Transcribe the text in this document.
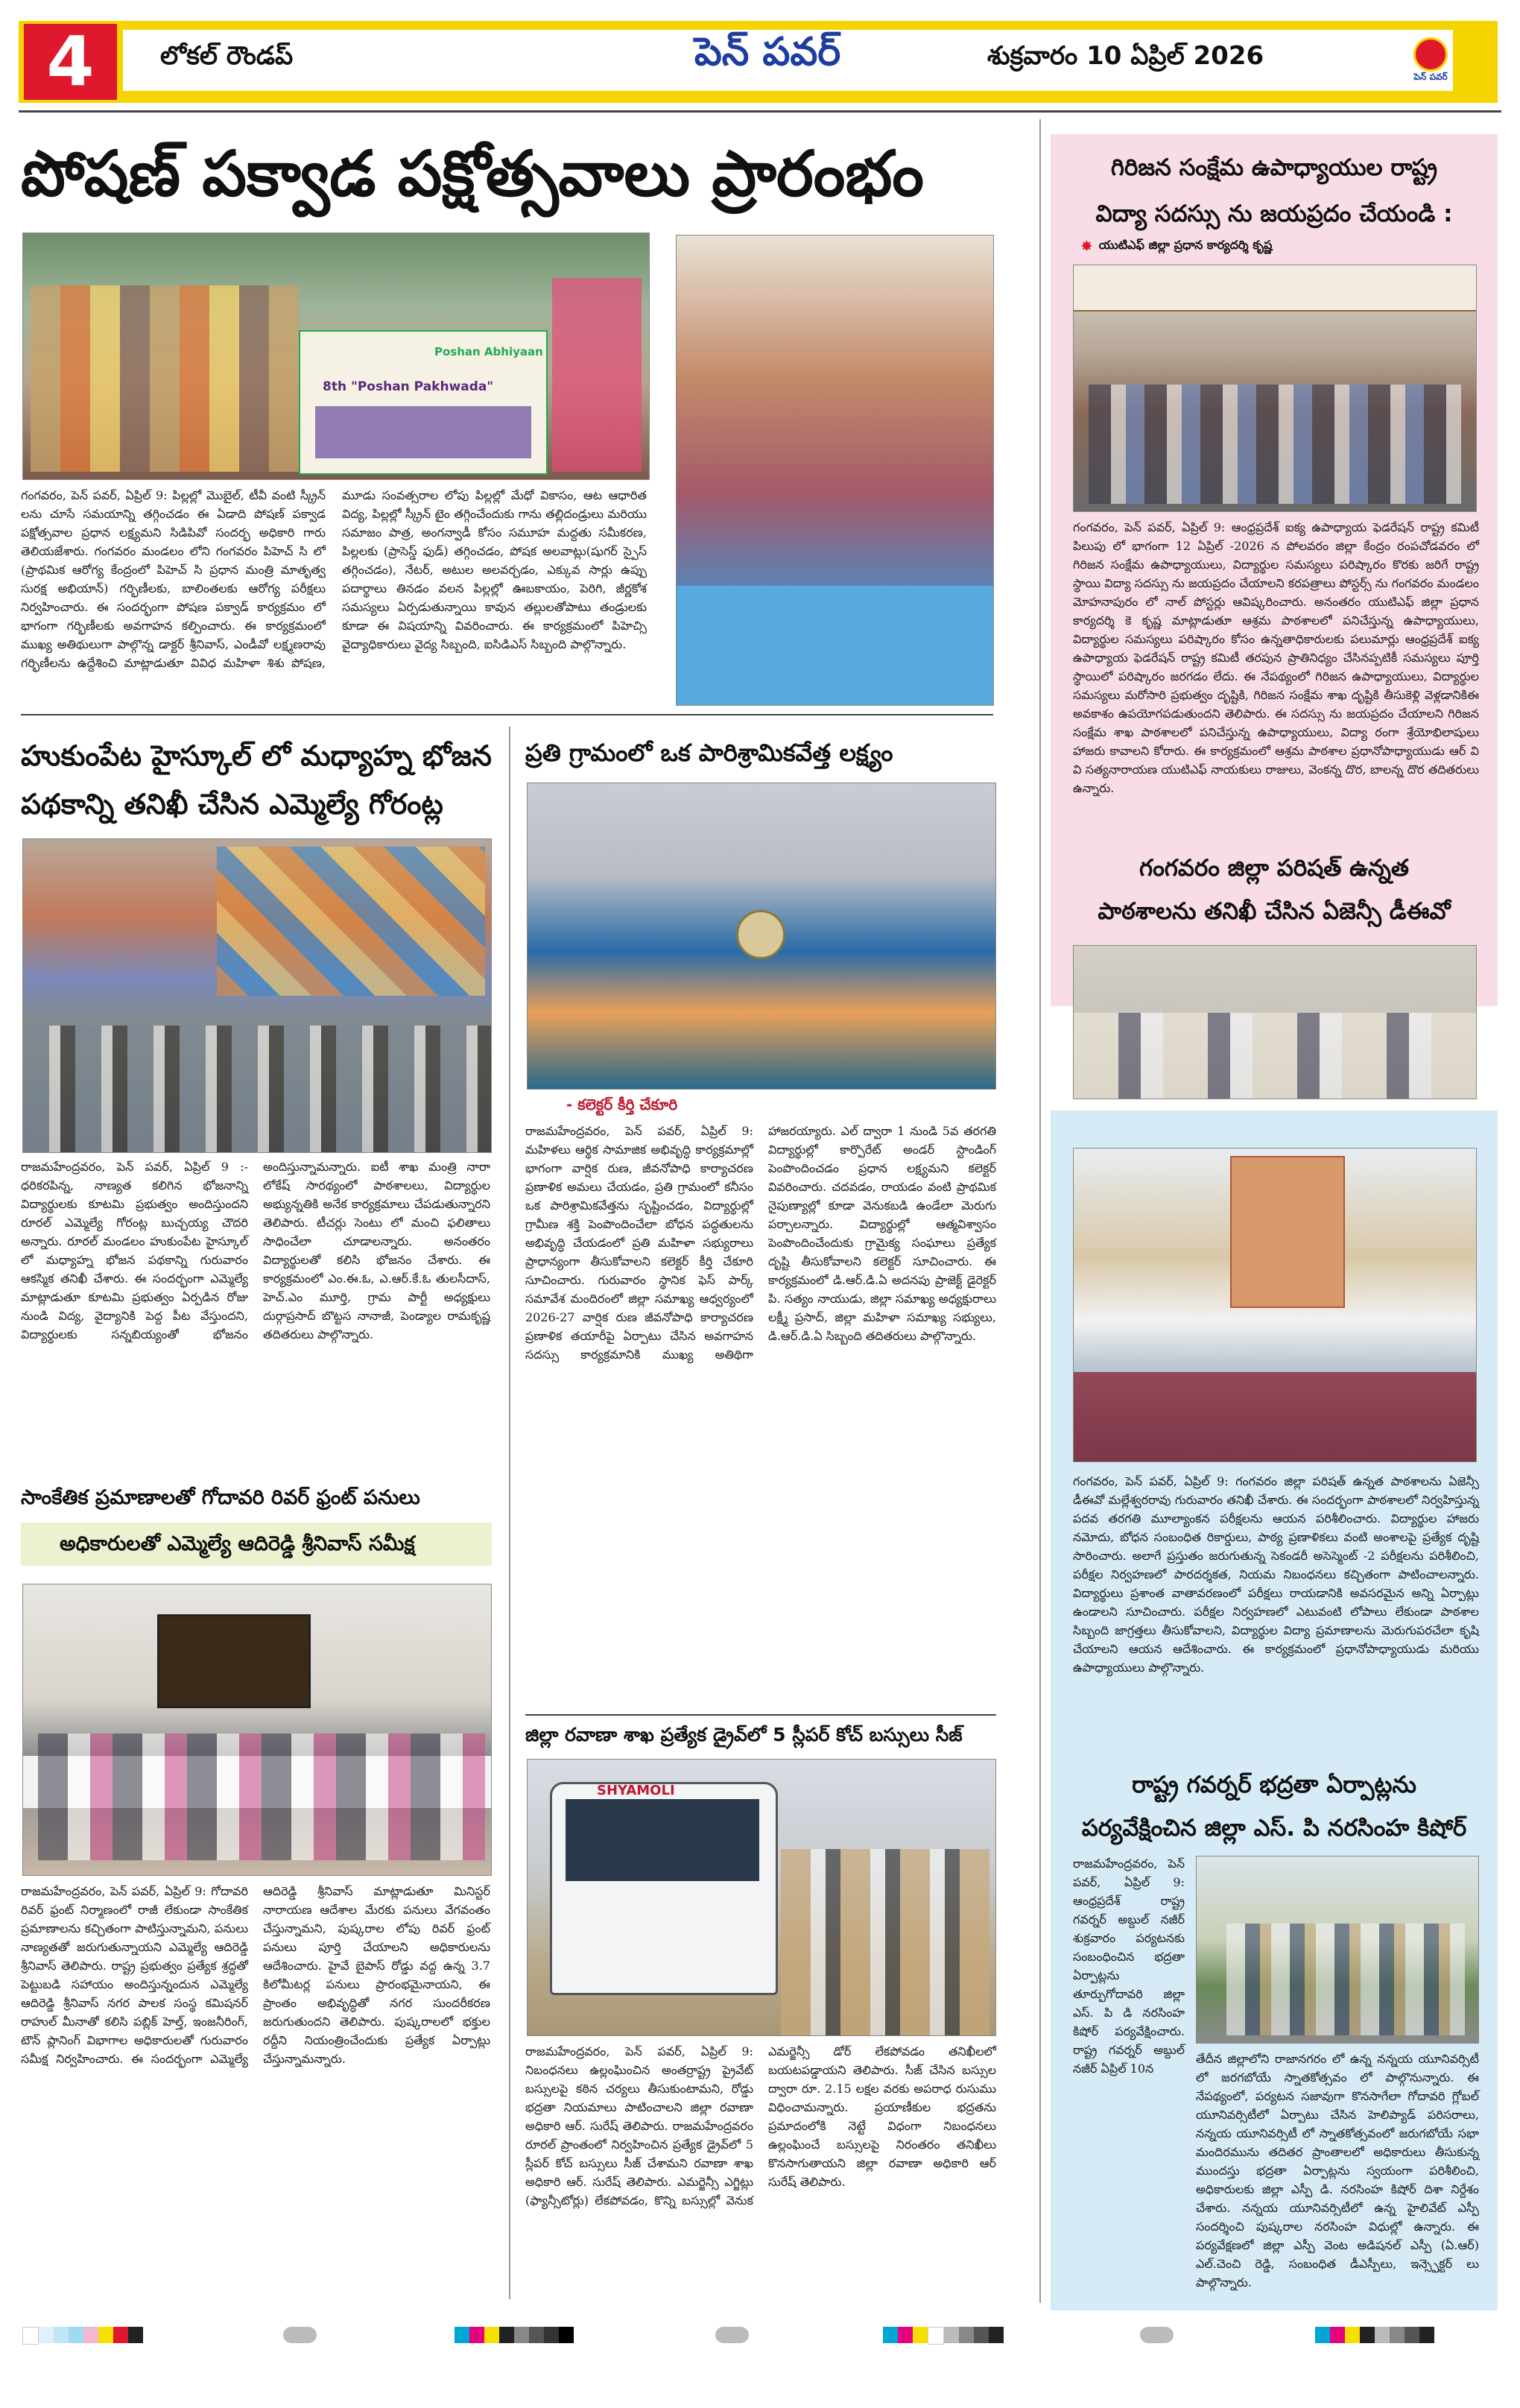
4	లోకల్ రౌండప్	పెన్ పవర్	శుక్రవారం 10 ఏప్రిల్ 2026
పెన్ పవర్
పోషణ్ పక్వాడ పక్షోత్సవాలు ప్రారంభం
Poshan Abhiyaan
8th "Poshan Pakhwada"
గంగవరం, పెన్ పవర్, ఏప్రిల్ 9: పిల్లల్లో మొబైల్, టీవీ వంటి స్క్రీన్ లను చూసే సమయాన్ని తగ్గించడం ఈ ఏడాది పోషణ్ పక్వాడ పక్షోత్సవాల ప్రధాన లక్ష్యమని సిడిపివో సందర్భ అధికారి గారు తెలియజేశారు. గంగవరం మండలం లోని గంగవరం పిహెచ్ సి లో (ప్రాథమిక ఆరోగ్య కేంద్రంలో పిహెచ్ సి ప్రధాన మంత్రి మాతృత్వ సురక్ష అభియాన్) గర్భిణీలకు, బాలింతలకు ఆరోగ్య పరీక్షలు నిర్వహించారు. ఈ సందర్భంగా పోషణ పక్వాడ్ కార్యక్రమం లో భాగంగా గర్భిణీలకు అవగాహన కల్పించారు. ఈ కార్యక్రమంలో ముఖ్య అతిథులుగా పాల్గొన్న డాక్టర్ శ్రీనివాస్, ఎండీవో లక్ష్మణరావు గర్భిణీలను ఉద్దేశించి మాట్లాడుతూ వివిధ మహిళా శిశు పోషణ, మూడు సంవత్సరాల లోపు పిల్లల్లో మేధో వికాసం, ఆట ఆధారిత విద్య, పిల్లల్లో స్క్రీన్ టైం తగ్గించేందుకు గాను తల్లిదండ్రులు మరియు సమాజం పాత్ర, అంగన్వాడీ కోసం సమూహ మద్దతు సమీకరణ, పిల్లలకు (ప్రాసెస్డ్ ఫుడ్) తగ్గించడం, పోషక అలవాట్లు(షుగర్ స్పైస్ తగ్గించడం), నేటర్, అటుల అలవర్చడం, ఎక్కువ సార్లు ఉప్పు పదార్థాలు తినడం వలన పిల్లల్లో ఊబకాయం, పెరిగి, జీర్ణకోశ సమస్యలు ఏర్పడుతున్నాయి కావున తల్లులతోపాటు తండ్రులకు కూడా ఈ విషయాన్ని వివరించారు. ఈ కార్యక్రమంలో పిహెచ్సి వైద్యాధికారులు వైద్య సిబ్బంది, ఐసిడిఎస్ సిబ్బంది పాల్గొన్నారు.
హుకుంపేట హైస్కూల్ లో మధ్యాహ్న భోజన
పథకాన్ని తనిఖీ చేసిన ఎమ్మెల్యే గోరంట్ల
రాజమహేంద్రవరం, పెన్ పవర్, ఏప్రిల్ 9 :-ధరికరపిన్న, నాణ్యత కలిగిన భోజనాన్ని విద్యార్థులకు కూటమి ప్రభుత్వం అందిస్తుందని రూరల్ ఎమ్మెల్యే గోరంట్ల బుచ్చయ్య చౌదరి అన్నారు. రూరల్ మండలం హుకుంపేట హైస్కూల్ లో మధ్యాహ్న భోజన పథకాన్ని గురువారం ఆకస్మిక తనిఖీ చేశారు. ఈ సందర్భంగా ఎమ్మెల్యే మాట్లాడుతూ కూటమి ప్రభుత్వం ఏర్పడిన రోజు నుండి విద్య, వైద్యానికి పెద్ద పీట వేస్తుందని, విద్యార్థులకు సన్నబియ్యంతో భోజనం అందిస్తున్నామన్నారు. ఐటీ శాఖ మంత్రి నారా లోకేష్ సారథ్యంలో పాఠశాలలు, విద్యార్థుల అభ్యున్నతికి అనేక కార్యక్రమాలు చేపడుతున్నారని తెలిపారు. టీచర్లు సెంటు లో మంచి ఫలితాలు సాధించేలా చూడాలన్నారు. అనంతరం విద్యార్థులతో కలిసి భోజనం చేశారు. ఈ కార్యక్రమంలో ఎం.ఈ.ఓ, ఎ.ఆర్.కే.ఓ తులసీదాస్, హెచ్.ఎం మూర్తి, గ్రామ పార్టీ అధ్యక్షులు దుర్గాప్రసాద్ బొట్టస నానాజీ, పెండ్యాల రామకృష్ణ తదితరులు పాల్గొన్నారు.
సాంకేతిక ప్రమాణాలతో గోదావరి రివర్ ఫ్రంట్ పనులు
అధికారులతో ఎమ్మెల్యే ఆదిరెడ్డి శ్రీనివాస్ సమీక్ష
రాజమహేంద్రవరం, పెన్ పవర్, ఏప్రిల్ 9: గోదావరి రివర్ ఫ్రంట్ నిర్మాణంలో రాజీ లేకుండా సాంకేతిక ప్రమాణాలను కచ్చితంగా పాటిస్తున్నామని, పనులు నాణ్యతతో జరుగుతున్నాయని ఎమ్మెల్యే ఆదిరెడ్డి శ్రీనివాస్ తెలిపారు. రాష్ట్ర ప్రభుత్వం ప్రత్యేక శ్రద్ధతో పెట్టుబడి సహాయం అందిస్తున్నందున ఎమ్మెల్యే ఆదిరెడ్డి శ్రీనివాస్ నగర పాలక సంస్థ కమిషనర్ రాహుల్ మీనాతో కలిసి పబ్లిక్ హెల్త్, ఇంజనీరింగ్, టౌన్ ప్లానింగ్ విభాగాల అధికారులతో గురువారం సమీక్ష నిర్వహించారు. ఈ సందర్భంగా ఎమ్మెల్యే ఆదిరెడ్డి శ్రీనివాస్ మాట్లాడుతూ మినిస్టర్ నారాయణ ఆదేశాల మేరకు పనులు వేగవంతం చేస్తున్నామని, పుష్కరాల లోపు రివర్ ఫ్రంట్ పనులు పూర్తి చేయాలని అధికారులను ఆదేశించారు. హైవే బైపాస్ రోడ్డు వద్ద ఉన్న 3.7 కిలోమీటర్ల పనులు ప్రారంభమైనాయని, ఈ ప్రాంతం అభివృద్ధితో నగర సుందరీకరణ జరుగుతుందని తెలిపారు. పుష్కరాలలో భక్తుల రద్దీని నియంత్రించేందుకు ప్రత్యేక ఏర్పాట్లు చేస్తున్నామన్నారు.
ప్రతి గ్రామంలో ఒక పారిశ్రామికవేత్త లక్ష్యం
- కలెక్టర్ కీర్తి చేకూరి
రాజమహేంద్రవరం, పెన్ పవర్, ఏప్రిల్ 9: మహిళలు ఆర్థిక సామాజిక అభివృద్ధి కార్యక్రమాల్లో భాగంగా వార్షిక రుణ, జీవనోపాధి కార్యాచరణ ప్రణాళిక అమలు చేయడం, ప్రతి గ్రామంలో కనీసం ఒక పారిశ్రామికవేత్తను సృష్టించడం, విద్యార్థుల్లో గ్రామీణ శక్తి పెంపొందించేలా బోధన పద్ధతులను అభివృద్ధి చేయడంలో ప్రతి మహిళా సభ్యురాలు ప్రాధాన్యంగా తీసుకోవాలని కలెక్టర్ కీర్తి చేకూరి సూచించారు. గురువారం స్థానిక ఫెస్ పార్క్ సమావేశ మందిరంలో జిల్లా సమాఖ్య ఆధ్వర్యంలో 2026-27 వార్షిక రుణ జీవనోపాధి కార్యాచరణ ప్రణాళిక తయారీపై ఏర్పాటు చేసిన అవగాహన సదస్సు కార్యక్రమానికి ముఖ్య అతిథిగా హాజరయ్యారు. ఎల్ ద్వారా 1 నుండి 5వ తరగతి విద్యార్థుల్లో కార్పొరేట్ అండర్ స్టాండింగ్ పెంపొందించడం ప్రధాన లక్ష్యమని కలెక్టర్ వివరించారు. చదవడం, రాయడం వంటి ప్రాథమిక నైపుణ్యాల్లో కూడా వెనుకబడి ఉండేలా మెరుగు పర్చాలన్నారు. విద్యార్థుల్లో ఆత్మవిశ్వాసం పెంపొందించేందుకు గ్రామైక్య సంఘాలు ప్రత్యేక దృష్టి తీసుకోవాలని కలెక్టర్ సూచించారు. ఈ కార్యక్రమంలో డి.ఆర్.డి.ఏ అదనపు ప్రాజెక్ట్ డైరెక్టర్ పి. సత్యం నాయుడు, జిల్లా సమాఖ్య అధ్యక్షురాలు లక్ష్మీ ప్రసాద్, జిల్లా మహిళా సమాఖ్య సభ్యులు, డి.ఆర్.డి.ఏ సిబ్బంది తదితరులు పాల్గొన్నారు.
జిల్లా రవాణా శాఖ ప్రత్యేక డ్రైవ్‌లో 5 స్లీపర్ కోచ్ బస్సులు సీజ్
SHYAMOLI
రాజమహేంద్రవరం, పెన్ పవర్, ఏప్రిల్ 9: నిబంధనలు ఉల్లంఘించిన అంతర్రాష్ట్ర ప్రైవేట్ బస్సులపై కఠిన చర్యలు తీసుకుంటామని, రోడ్డు భద్రతా నియమాలు పాటించాలని జిల్లా రవాణా అధికారి ఆర్. సురేష్ తెలిపారు. రాజమహేంద్రవరం రూరల్ ప్రాంతంలో నిర్వహించిన ప్రత్యేక డ్రైవ్‌లో 5 స్లీపర్ కోచ్ బస్సులు సీజ్ చేశామని రవాణా శాఖ అధికారి ఆర్. సురేష్ తెలిపారు. ఎమర్జెన్సీ ఎగ్జిట్లు (ఫ్యాన్సీటోర్లు) లేకపోవడం, కొన్ని బస్సుల్లో వెనుక ఎమర్జెన్సీ డోర్ లేకపోవడం తనిఖీలలో బయటపడ్డాయని తెలిపారు. సీజ్ చేసిన బస్సుల ద్వారా రూ. 2.15 లక్షల వరకు అపరాధ రుసుము విధించామన్నారు. ప్రయాణీకుల భద్రతను ప్రమాదంలోకి నెట్టే విధంగా నిబంధనలు ఉల్లంఘించే బస్సులపై నిరంతరం తనిఖీలు కొనసాగుతాయని జిల్లా రవాణా అధికారి ఆర్ సురేష్ తెలిపారు.
గిరిజన సంక్షేమ ఉపాధ్యాయుల రాష్ట్ర
విద్యా సదస్సు ను జయప్రదం చేయండి :
✸ యుటిఎఫ్ జిల్లా ప్రధాన కార్యదర్శి కృష్ణ
గంగవరం, పెన్ పవర్, ఏప్రిల్ 9: ఆంధ్రప్రదేశ్ ఐక్య ఉపాధ్యాయ ఫెడరేషన్ రాష్ట్ర కమిటీ పిలుపు లో భాగంగా 12 ఏప్రిల్ -2026 న పోలవరం జిల్లా కేంద్రం రంపచోడవరం లో గిరిజన సంక్షేమ ఉపాధ్యాయులు, విద్యార్థుల సమస్యలు పరిష్కారం కొరకు జరిగే రాష్ట్ర స్థాయి విద్యా సదస్సు ను జయప్రదం చేయాలని కరపత్రాలు పోస్టర్స్ ను గంగవరం మండలం మోహనాపురం లో నాల్ పోస్టర్లు ఆవిష్కరించారు. అనంతరం యుటిఎఫ్ జిల్లా ప్రధాన కార్యదర్శి కె కృష్ణ మాట్లాడుతూ ఆశ్రమ పాఠశాలలో పనిచేస్తున్న ఉపాధ్యాయులు, విద్యార్థుల సమస్యలు పరిష్కారం కోసం ఉన్నతాధికారులకు పలుమార్లు ఆంధ్రప్రదేశ్ ఐక్య ఉపాధ్యాయ ఫెడరేషన్ రాష్ట్ర కమిటీ తరపున ప్రాతినిధ్యం చేసినప్పటికీ సమస్యలు పూర్తి స్థాయిలో పరిష్కారం జరగడం లేదు. ఈ నేపథ్యంలో గిరిజన ఉపాధ్యాయులు, విద్యార్థుల సమస్యలు మరోసారి ప్రభుత్వం దృష్టికి, గిరిజన సంక్షేమ శాఖ దృష్టికి తీసుకెళ్లి వెళ్లడానికిఈ అవకాశం ఉపయోగపడుతుందని తెలిపారు. ఈ సదస్సు ను జయప్రదం చేయాలని గిరిజన సంక్షేమ శాఖ పాఠశాలలో పనిచేస్తున్న ఉపాధ్యాయులు, విద్యా రంగా శ్రేయోభిలాషులు హాజరు కావాలని కోరారు. ఈ కార్యక్రమంలో ఆశ్రమ పాఠశాల ప్రధానోపాధ్యాయుడు ఆర్ వి వి సత్యనారాయణ యుటిఎఫ్ నాయకులు రాజులు, వెంకన్న దొర, బాలన్న దొర తదితరులు ఉన్నారు.
గంగవరం జిల్లా పరిషత్ ఉన్నత
పాఠశాలను తనిఖీ చేసిన ఏజెన్సీ డీఈవో
గంగవరం, పెన్ పవర్, ఏప్రిల్ 9: గంగవరం జిల్లా పరిషత్ ఉన్నత పాఠశాలను ఏజెన్సీ డీఈవో మల్లేశ్వరరావు గురువారం తనిఖీ చేశారు. ఈ సందర్భంగా పాఠశాలలో నిర్వహిస్తున్న పదవ తరగతి మూల్యాంకన పరీక్షలను ఆయన పరిశీలించారు. విద్యార్థుల హాజరు నమోదు, బోధన సంబంధిత రికార్డులు, పాఠ్య ప్రణాళికలు వంటి అంశాలపై ప్రత్యేక దృష్టి సారించారు. అలాగే ప్రస్తుతం జరుగుతున్న సెకండరీ అసెస్మెంట్ -2 పరీక్షలను పరిశీలించి, పరీక్షల నిర్వహణలో పారదర్శకత, నియమ నిబంధనలు కచ్చితంగా పాటించాలన్నారు. విద్యార్థులు ప్రశాంత వాతావరణంలో పరీక్షలు రాయడానికి అవసరమైన అన్ని ఏర్పాట్లు ఉండాలని సూచించారు. పరీక్షల నిర్వహణలో ఎటువంటి లోపాలు లేకుండా పాఠశాల సిబ్బంది జాగ్రత్తలు తీసుకోవాలని, విద్యార్థుల విద్యా ప్రమాణాలను మెరుగుపరచేలా కృషి చేయాలని ఆయన ఆదేశించారు. ఈ కార్యక్రమంలో ప్రధానోపాధ్యాయుడు మరియు ఉపాధ్యాయులు పాల్గొన్నారు.
రాష్ట్ర గవర్నర్ భద్రతా ఏర్పాట్లను
పర్యవేక్షించిన జిల్లా ఎస్. పి నరసింహ కిషోర్
రాజమహేంద్రవరం, పెన్ పవర్, ఏప్రిల్ 9: ఆంధ్రప్రదేశ్ రాష్ట్ర గవర్నర్ అబ్దుల్ నజీర్ శుక్రవారం పర్యటనకు సంబంధించిన భద్రతా ఏర్పాట్లను తూర్పుగోదావరి జిల్లా ఎస్. పి డి నరసింహ కిషోర్ పర్యవేక్షించారు. రాష్ట్ర గవర్నర్ అబ్దుల్ నజీర్ ఏప్రిల్ 10న
తేదీన జిల్లాలోని రాజానగరం లో ఉన్న నన్నయ యూనివర్సిటీ లో జరగబోయే స్నాతకోత్సవం లో పాల్గొనున్నారు. ఈ నేపథ్యంలో, పర్యటన సజావుగా కొనసాగేలా గోదావరి గ్లోబల్ యూనివర్సిటీలో ఏర్పాటు చేసిన హెలిప్యాడ్ పరిసరాలు, నన్నయ యూనివర్సిటీ లో స్నాతకోత్సవంలో జరుగబోయే సభా మందిరమును తదితర ప్రాంతాలలో అధికారులు తీసుకున్న ముందస్తు భద్రతా ఏర్పాట్లను స్వయంగా పరిశీలించి, అధికారులకు జిల్లా ఎస్పీ డి. నరసింహ కిషోర్ దిశా నిర్దేశం చేశారు. నన్నయ యూనివర్సిటీలో ఉన్న హైలివేట్ ఎస్పీ సందర్శించి పుష్కరాల నరసింహ విధుల్లో ఉన్నారు. ఈ పర్యవేక్షణలో జిల్లా ఎస్పీ వెంట అడిషనల్ ఎస్పీ (ఏ.ఆర్) ఎల్.చెంచి రెడ్డి, సంబంధిత డీఎస్పీలు, ఇన్స్పెక్టర్ లు పాల్గొన్నారు.
